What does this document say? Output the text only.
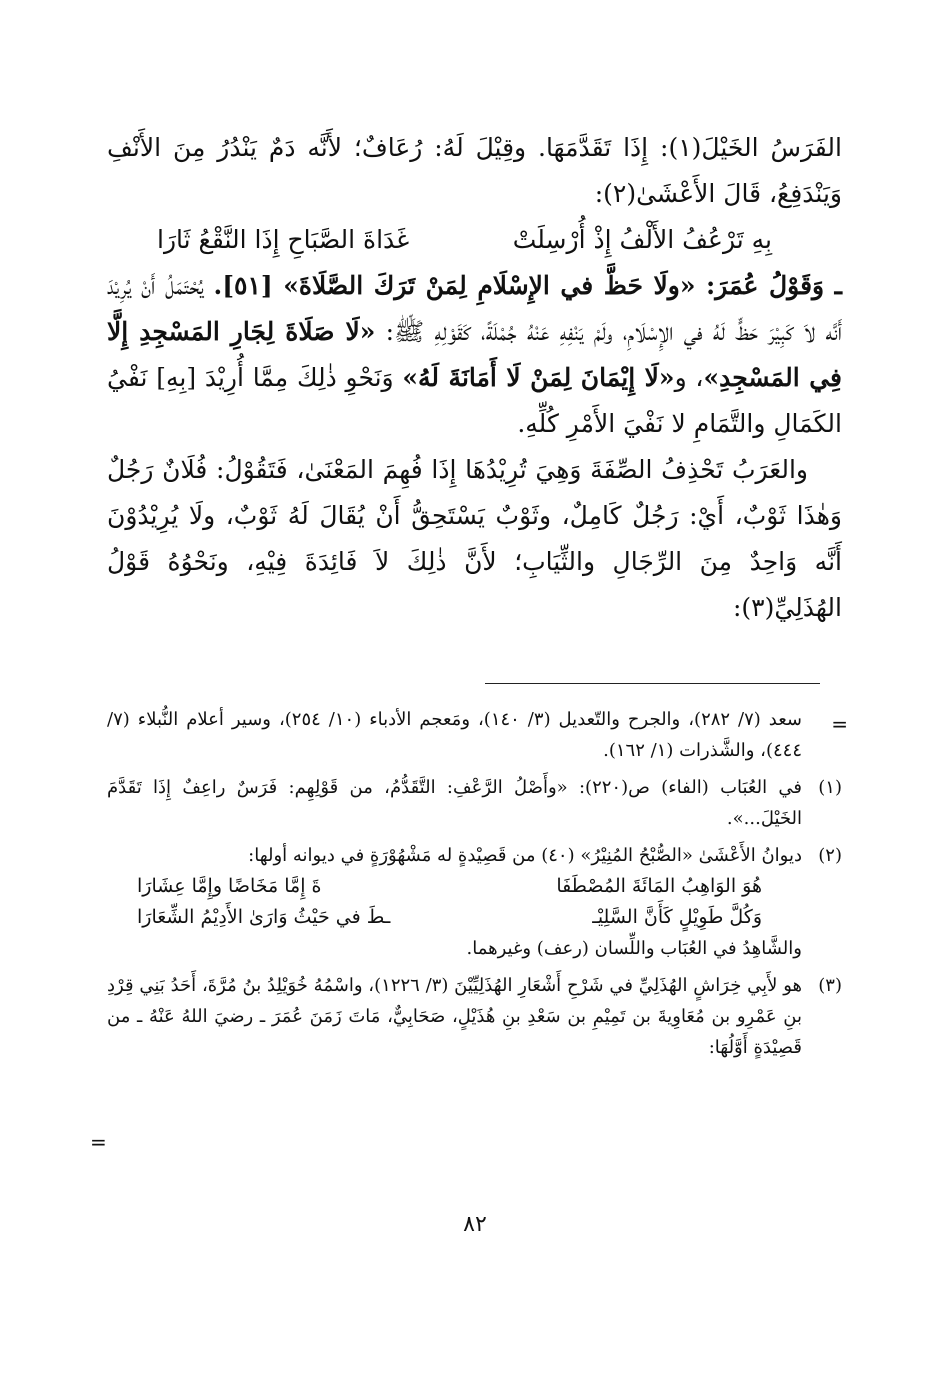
الفَرَسُ الخَيْلَ(١): إِذَا تَقَدَّمَهَا. وقِيْلَ لَهُ: رُعَافٌ؛ لأَنَّه دَمٌ يَنْدُرُ مِنَ الأَنْفِ وَيَنْدَفِعُ، قَالَ الأَعْشَىٰ(٢):

بِهِ تَرْعُفُ الأَلْفُ إِذْ أُرْسِلَتْ
غَدَاةَ الصَّبَاحِ إِذَا النَّقْعُ ثَارَا

ـ وَقَوْلُ عُمَرَ: «ولَا حَظَّ في الإِسْلَامِ لِمَنْ تَرَكَ الصَّلَاةَ» [٥١]. يُحْتَمَلُ أَنْ يُرِيْدَ أَنَّه لاَ كَبِيْرَ حَظٍّ لَهُ في الإِسْلَامِ، ولَمْ يَنْفِهِ عَنْهُ جُمْلَةً، كَقَوْلِهِ ﷺ: «لَا صَلَاةَ لِجَارِ المَسْجِدِ إِلَّا فِي المَسْجِدِ»، و«لَا إِيْمَانَ لِمَنْ لَا أَمَانَةَ لَهُ» وَنَحْوِ ذٰلِكَ مِمَّا أُرِيْدَ [بِهِ] نَفْيُ الكَمَالِ والتَّمَامِ لا نَفْيَ الأَمْرِ كُلِّهِ.

والعَرَبُ تَحْذِفُ الصِّفَةَ وَهِيَ تُرِيْدُهَا إِذَا فُهِمَ المَعْنَىٰ، فَتَقُوْلُ: فُلَانٌ رَجُلٌ وَهٰذَا ثَوْبٌ، أَيْ: رَجُلٌ كَامِلٌ، وثَوْبٌ يَسْتَحِقُّ أَنْ يُقَالَ لَهُ ثَوْبٌ، ولَا يُرِيْدُوْنَ أَنَّه وَاحِدٌ مِنَ الرِّجَالِ والثِّيَابِ؛ لأَنَّ ذٰلِكَ لاَ فَائِدَةَ فِيْهِ، ونَحْوُهُ قَوْلُ الهُذَلِيِّ(٣):

=

سعد (٧/ ٢٨٢)، والجرح والتّعديل (٣/ ١٤٠)، ومَعجم الأدباء (١٠/ ٢٥٤)، وسير أعلام النُّبلاء (٧/ ٤٤٤)، والشَّذرات (١/ ١٦٢).

(١)

في العُبَاب (الفاء) ص(٢٢٠): «وأَصْلُ الرَّعْفِ: التَّقَدُّمُ، من قَوْلِهِم: فَرَسٌ راعِفٌ إِذَا تَقَدَّمَ الخَيْلَ...».

(٢)

ديوانُ الأَعْشَىٰ «الصُّبْحُ المُنِيْرُ» (٤٠) من قَصِيْدةٍ له مَشْهُوْرَةٍ في ديوانه أولها:

هُوَ الوَاهِبُ المَائَةَ المُصْطَفَا
ةَ إِمَّا مَخَاضًا وإِمَّا عِشَارَا
وَكُلَّ طَوِيْلٍ كَأَنَّ السَّلِيْـ
ـطَ في حَيْثُ وَارَىٰ الأَدِيْمُ الشِّعَارَا

والشَّاهِدُ في العُبَاب واللِّسان (رعف) وغيرهما.

(٣)

هو لأَبِي خِرَاشٍ الهُذَلِيِّ في شَرْحِ أَشْعَارِ الهُذَلِيِّيْنَ (٣/ ١٢٢٦)، واسْمُهُ خُوَيْلِدُ بنُ مُرَّةَ، أَحَدُ بَنِي قِرْدِ بنِ عَمْرِو بن مُعَاوِيةَ بن تَمِيْمِ بن سَعْدِ بنِ هُذَيْلٍ، صَحَابِيٌّ، مَاتَ زَمَنَ عُمَرَ ـ رضيَ اللهُ عَنْهُ ـ من قَصِيْدَةٍ أَوَّلُهَا:

=
٨٢
